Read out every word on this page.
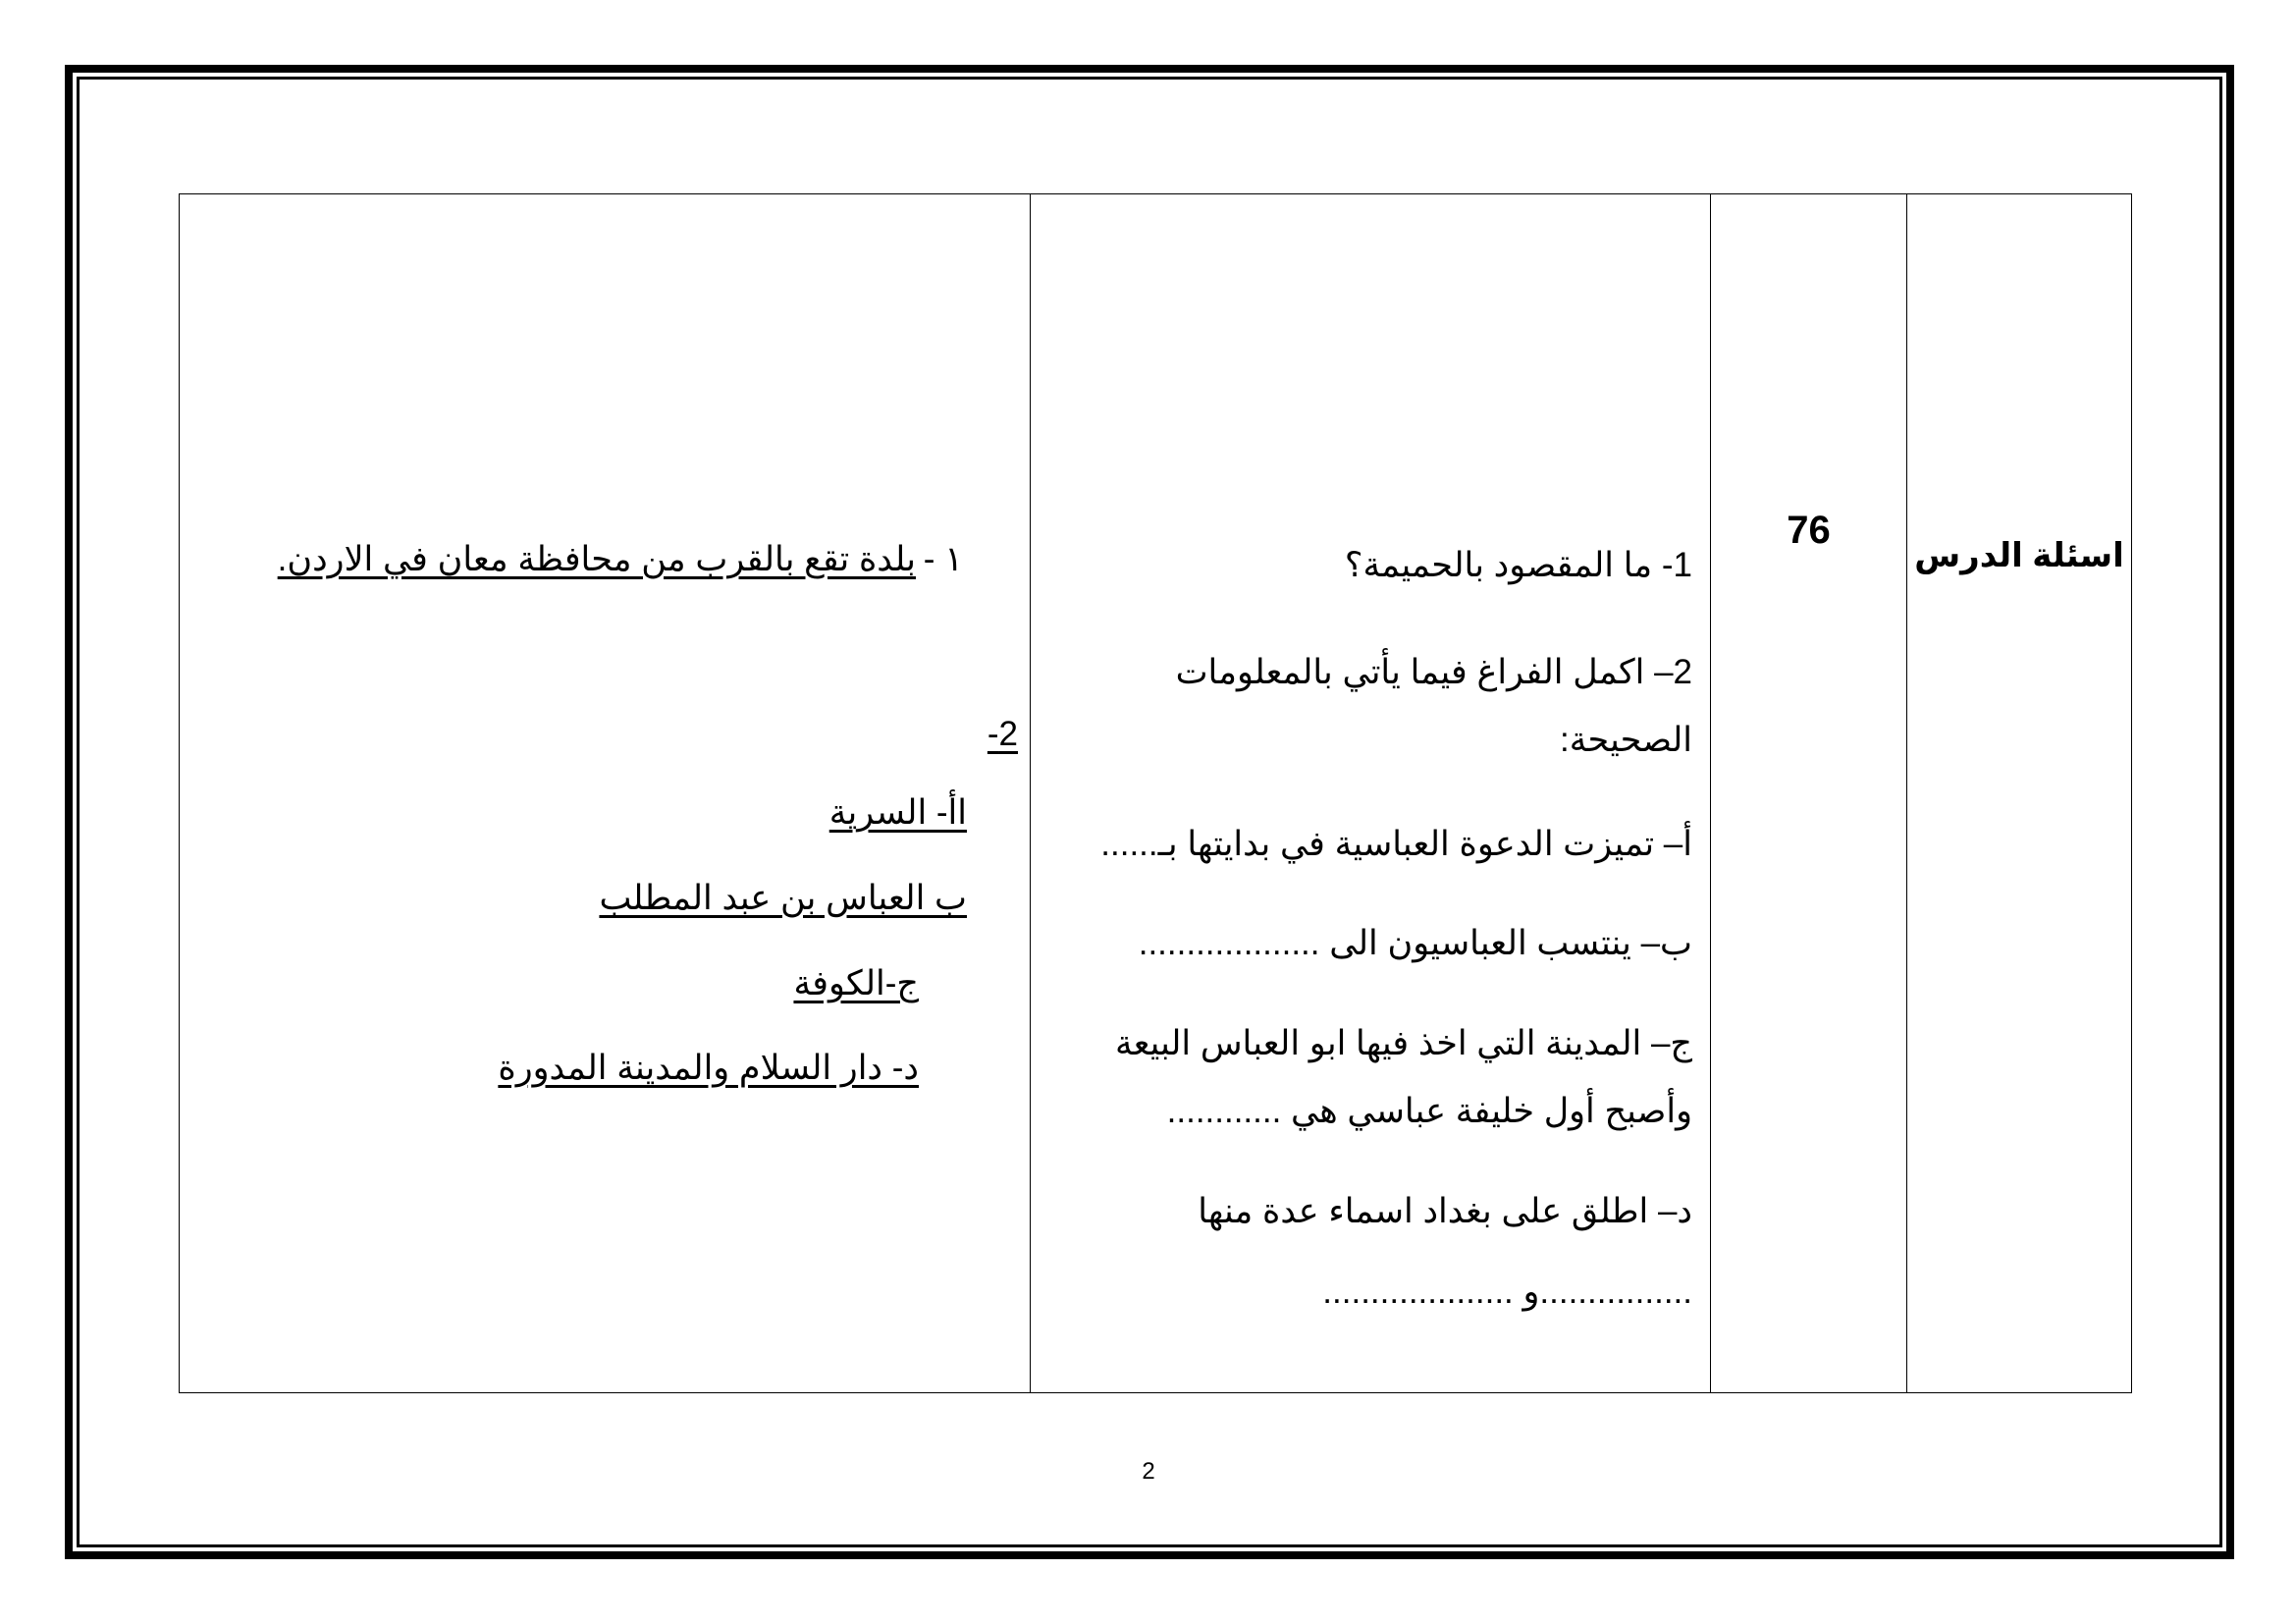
اسئلة الدرس

76

1- ما المقصود بالحميمة؟
2– اكمل الفراغ فيما يأتي بالمعلومات
الصحيحة:
أ– تميزت الدعوة العباسية في بدايتها بـ......
ب– ينتسب العباسيون الى ...................
ج– المدينة التي اخذ فيها ابو العباس البيعة
وأصبح أول خليفة عباسي هي ............
د– اطلق على بغداد اسماء عدة منها
................و ....................

١ -
بلدة تقع بالقرب من محافظة معان في الاردن.
2-
اأ- السرية
ب العباس بن عبد المطلب
ج-الكوفة
د- دار السلام والمدينة المدورة
2
